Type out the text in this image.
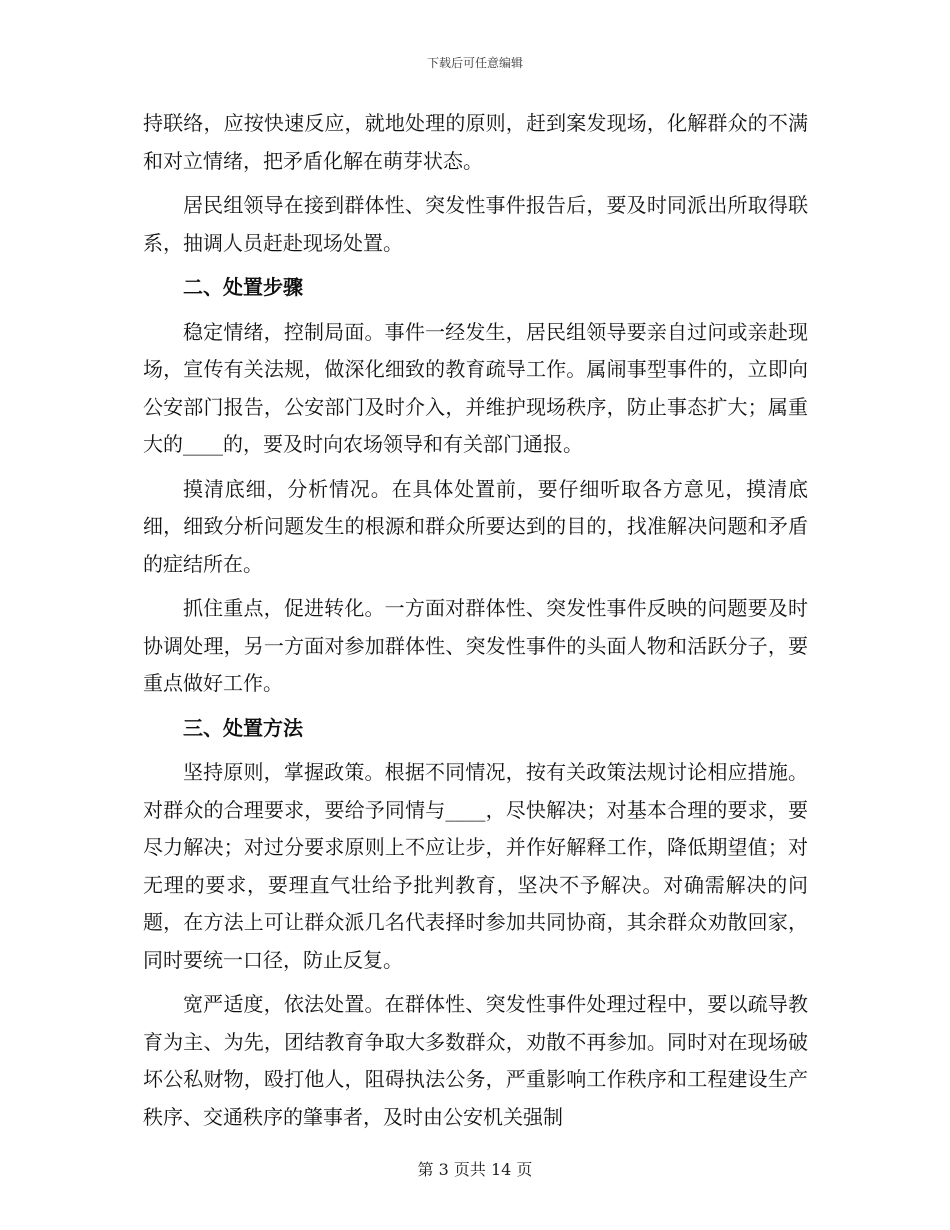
下载后可任意编辑

持联络，应按快速反应，就地处理的原则，赶到案发现场，化解群众的不满和对立情绪，把矛盾化解在萌芽状态。

居民组领导在接到群体性、突发性事件报告后，要及时同派出所取得联系，抽调人员赶赴现场处置。

二、处置步骤

稳定情绪，控制局面。事件一经发生，居民组领导要亲自过问或亲赴现场，宣传有关法规，做深化细致的教育疏导工作。属闹事型事件的，立即向公安部门报告，公安部门及时介入，并维护现场秩序，防止事态扩大；属重大的____的，要及时向农场领导和有关部门通报。

摸清底细，分析情况。在具体处置前，要仔细听取各方意见，摸清底细，细致分析问题发生的根源和群众所要达到的目的，找准解决问题和矛盾的症结所在。

抓住重点，促进转化。一方面对群体性、突发性事件反映的问题要及时协调处理，另一方面对参加群体性、突发性事件的头面人物和活跃分子，要重点做好工作。

三、处置方法

坚持原则，掌握政策。根据不同情况，按有关政策法规讨论相应措施。对群众的合理要求，要给予同情与____，尽快解决；对基本合理的要求，要尽力解决；对过分要求原则上不应让步，并作好解释工作，降低期望值；对无理的要求，要理直气壮给予批判教育，坚决不予解决。对确需解决的问题，在方法上可让群众派几名代表择时参加共同协商，其余群众劝散回家，同时要统一口径，防止反复。

宽严适度，依法处置。在群体性、突发性事件处理过程中，要以疏导教育为主、为先，团结教育争取大多数群众，劝散不再参加。同时对在现场破坏公私财物，殴打他人，阻碍执法公务，严重影响工作秩序和工程建设生产秩序、交通秩序的肇事者，及时由公安机关强制

第 3 页共 14 页
